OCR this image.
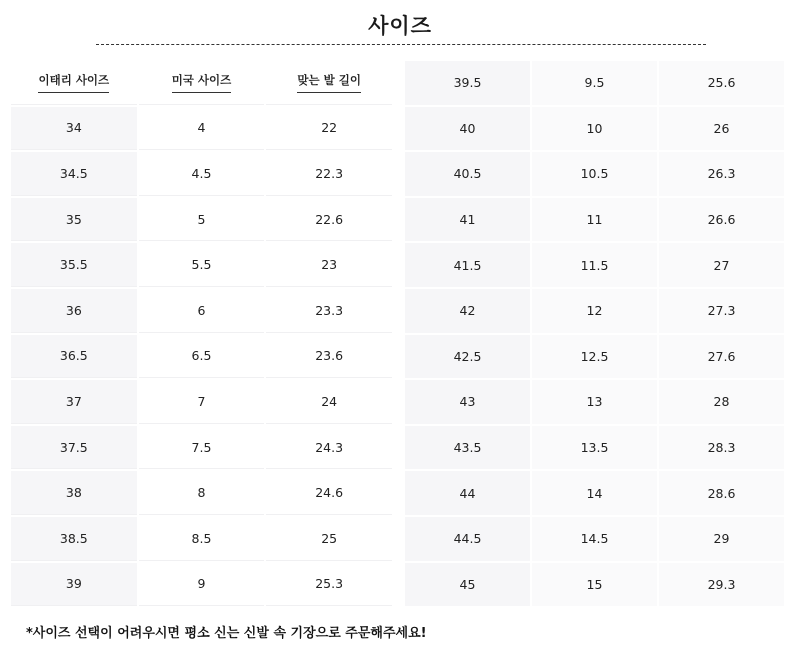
사이즈
이태리 사이즈	미국 사이즈	맞는 발 길이
34	4	22
34.5	4.5	22.3
35	5	22.6
35.5	5.5	23
36	6	23.3
36.5	6.5	23.6
37	7	24
37.5	7.5	24.3
38	8	24.6
38.5	8.5	25
39	9	25.3
39.5	9.5	25.6
40	10	26
40.5	10.5	26.3
41	11	26.6
41.5	11.5	27
42	12	27.3
42.5	12.5	27.6
43	13	28
43.5	13.5	28.3
44	14	28.6
44.5	14.5	29
45	15	29.3
*사이즈 선택이 어려우시면 평소 신는 신발 속 기장으로 주문해주세요!
